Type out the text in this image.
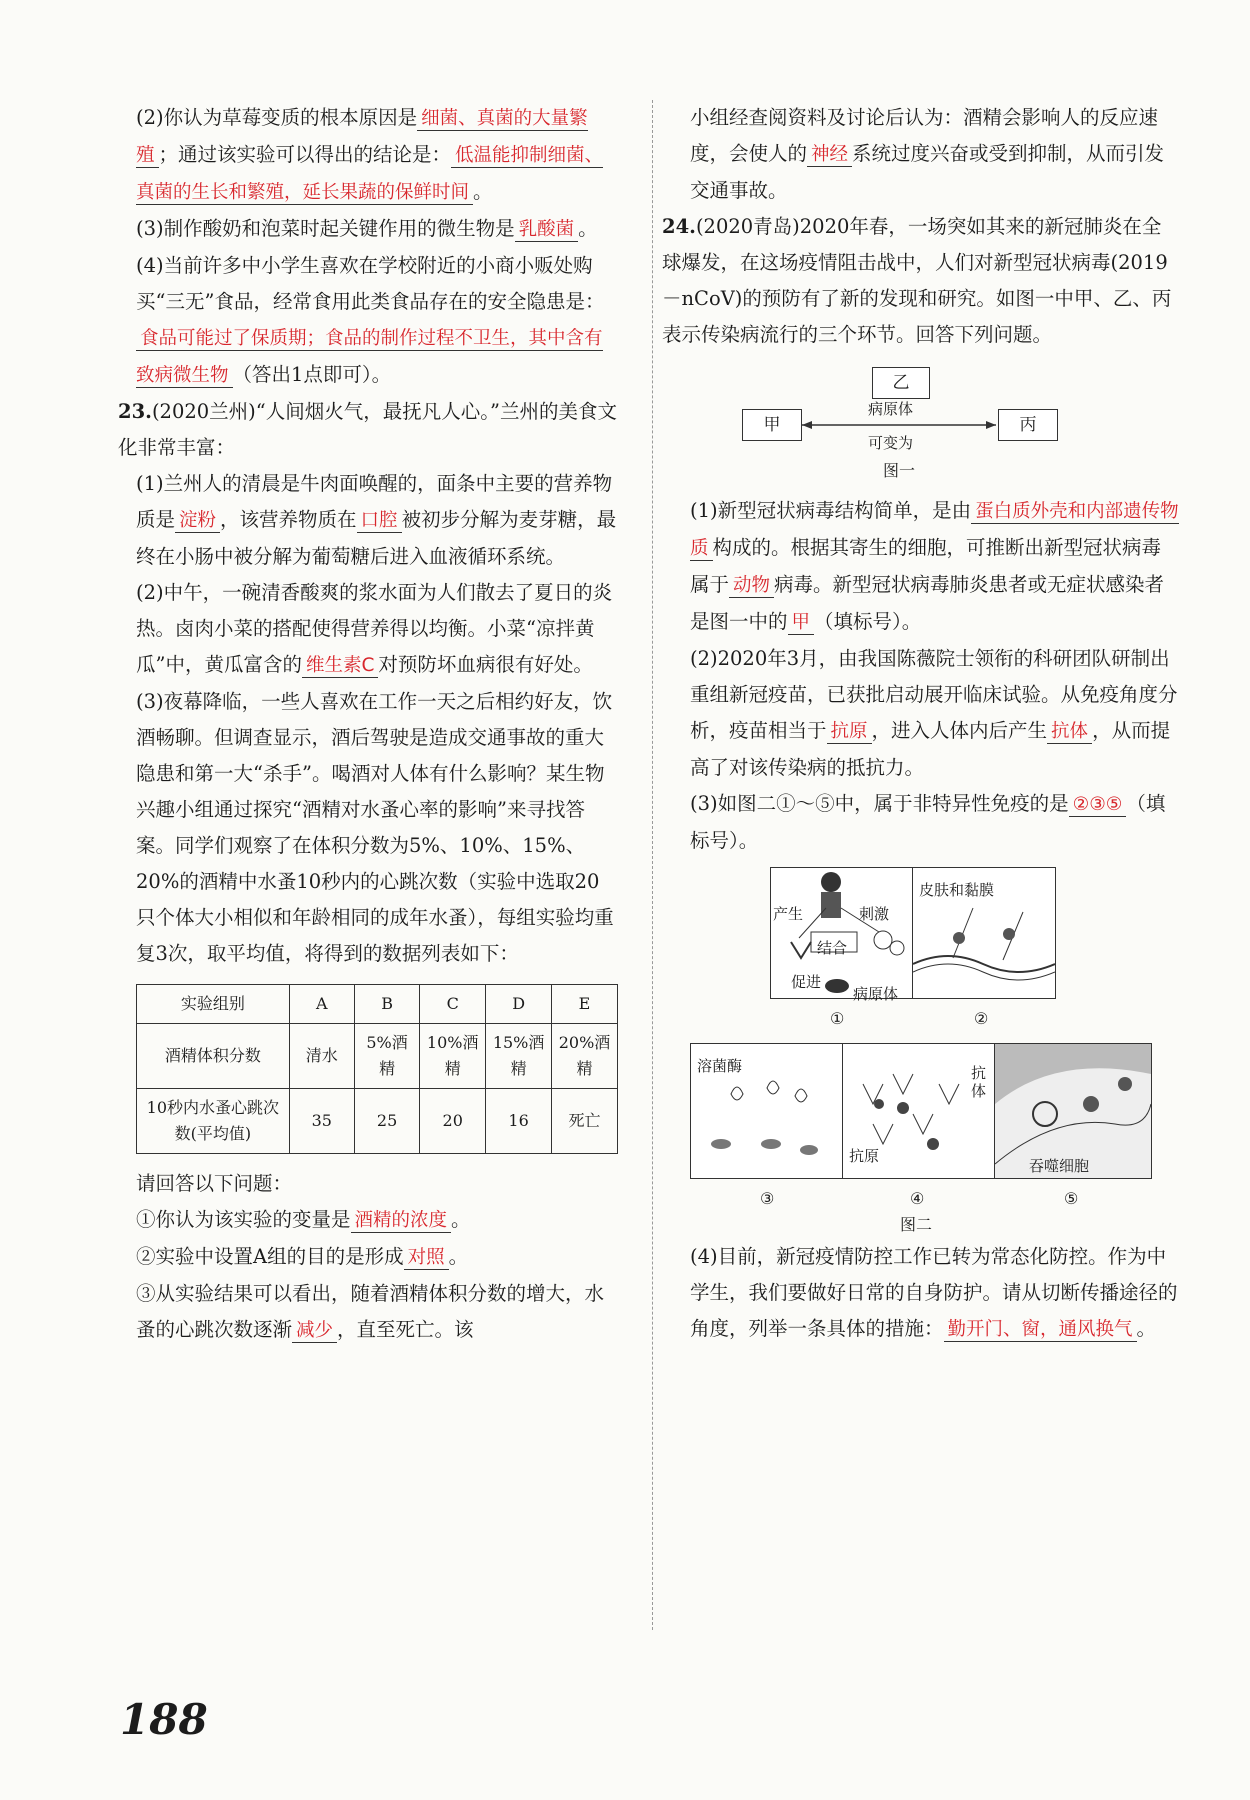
(2)你认为草莓变质的根本原因是 细菌、真菌的大量繁殖 ；通过该实验可以得出的结论是： 低温能抑制细菌、真菌的生长和繁殖，延长果蔬的保鲜时间 。

(3)制作酸奶和泡菜时起关键作用的微生物是 乳酸菌 。

(4)当前许多中小学生喜欢在学校附近的小商小贩处购买“三无”食品，经常食用此类食品存在的安全隐患是：食品可能过了保质期；食品的制作过程不卫生，其中含有致病微生物 （答出1点即可）。

23.(2020兰州)“人间烟火气，最抚凡人心。”兰州的美食文化非常丰富：

(1)兰州人的清晨是牛肉面唤醒的，面条中主要的营养物质是 淀粉 ，该营养物质在 口腔 被初步分解为麦芽糖，最终在小肠中被分解为葡萄糖后进入血液循环系统。

(2)中午，一碗清香酸爽的浆水面为人们散去了夏日的炎热。卤肉小菜的搭配使得营养得以均衡。小菜“凉拌黄瓜”中，黄瓜富含的 维生素C 对预防坏血病很有好处。

(3)夜幕降临，一些人喜欢在工作一天之后相约好友，饮酒畅聊。但调查显示，酒后驾驶是造成交通事故的重大隐患和第一大“杀手”。喝酒对人体有什么影响？某生物兴趣小组通过探究“酒精对水蚤心率的影响”来寻找答案。同学们观察了在体积分数为5%、10%、15%、20%的酒精中水蚤10秒内的心跳次数（实验中选取20只个体大小相似和年龄相同的成年水蚤），每组实验均重复3次，取平均值，将得到的数据列表如下：

实验组别	A	B	C	D	E
酒精体积分数	清水	5%酒精	10%酒精	15%酒精	20%酒精
10秒内水蚤心跳次数(平均值)	35	25	20	16	死亡

请回答以下问题：

①你认为该实验的变量是 酒精的浓度 。

②实验中设置A组的目的是形成 对照 。

③从实验结果可以看出，随着酒精体积分数的增大，水蚤的心跳次数逐渐 减少 ，直至死亡。该

小组经查阅资料及讨论后认为：酒精会影响人的反应速度，会使人的 神经 系统过度兴奋或受到抑制，从而引发交通事故。

24.(2020青岛)2020年春，一场突如其来的新冠肺炎在全球爆发，在这场疫情阻击战中，人们对新型冠状病毒(2019－nCoV)的预防有了新的发现和研究。如图一中甲、乙、丙表示传染病流行的三个环节。回答下列问题。

乙
甲	丙
病原体
可变为
图一

(1)新型冠状病毒结构简单，是由 蛋白质外壳和内部遗传物质 构成的。根据其寄生的细胞，可推断出新型冠状病毒属于 动物 病毒。新型冠状病毒肺炎患者或无症状感染者是图一中的 甲 （填标号）。

(2)2020年3月，由我国陈薇院士领衔的科研团队研制出重组新冠疫苗，已获批启动展开临床试验。从免疫角度分析，疫苗相当于 抗原 ，进入人体内后产生 抗体 ，从而提高了对该传染病的抵抗力。

(3)如图二①～⑤中，属于非特异性免疫的是 ②③⑤ （填标号）。

产生	刺激
结合
促进
病原体
皮肤和黏膜
①	②
溶菌酶	抗体
抗原
吞噬细胞
③	④	⑤
图二

(4)目前，新冠疫情防控工作已转为常态化防控。作为中学生，我们要做好日常的自身防护。请从切断传播途径的角度，列举一条具体的措施： 勤开门、窗，通风换气 。

188
